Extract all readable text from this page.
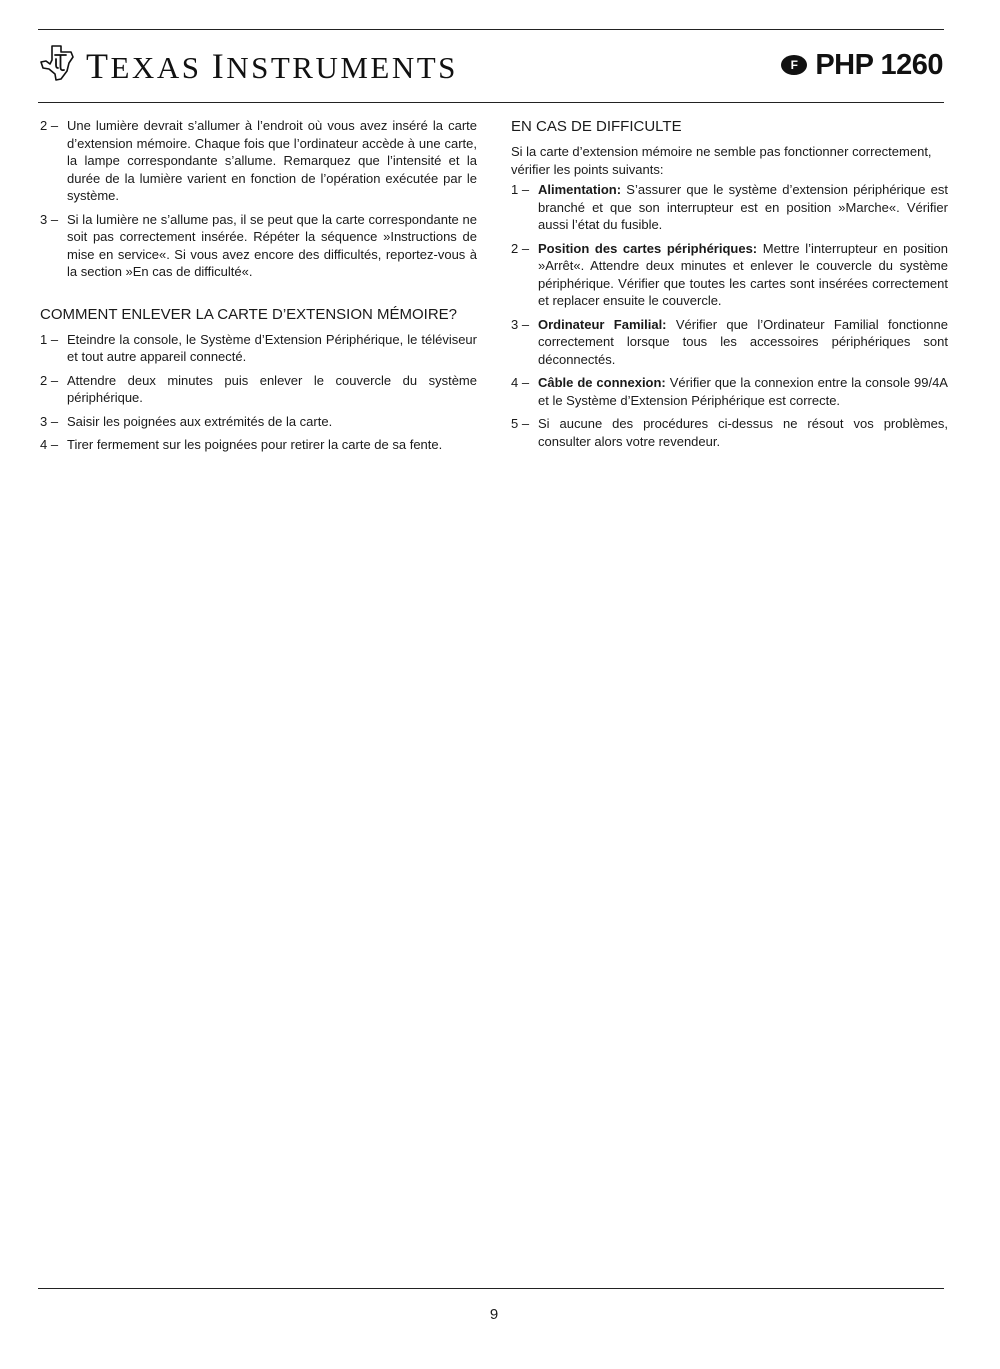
TEXAS INSTRUMENTS	F PHP 1260
2 – Une lumière devrait s’allumer à l’endroit où vous avez inséré la carte d’extension mémoire. Chaque fois que l’ordinateur accède à une carte, la lampe correspondante s’allume. Remarquez que l’intensité et la durée de la lumière varient en fonction de l’opération exécutée par le système.
3 – Si la lumière ne s’allume pas, il se peut que la carte correspondante ne soit pas correctement insérée. Répéter la séquence »Instructions de mise en service«. Si vous avez encore des difficultés, reportez-vous à la section »En cas de difficulté«.
COMMENT ENLEVER LA CARTE D’EXTENSION MÉMOIRE?
1 – Eteindre la console, le Système d’Extension Périphérique, le téléviseur et tout autre appareil connecté.
2 – Attendre deux minutes puis enlever le couvercle du système périphérique.
3 – Saisir les poignées aux extrémités de la carte.
4 – Tirer fermement sur les poignées pour retirer la carte de sa fente.
EN CAS DE DIFFICULTE

Si la carte d’extension mémoire ne semble pas fonctionner correctement, vérifier les points suivants:

1 – Alimentation: S’assurer que le système d’extension périphérique est branché et que son interrupteur est en position »Marche«. Vérifier aussi l’état du fusible.
2 – Position des cartes périphériques: Mettre l’interrupteur en position »Arrêt«. Attendre deux minutes et enlever le couvercle du système périphérique. Vérifier que toutes les cartes sont insérées correctement et replacer ensuite le couvercle.
3 – Ordinateur Familial: Vérifier que l’Ordinateur Familial fonctionne correctement lorsque tous les accessoires périphériques sont déconnectés.
4 – Câble de connexion: Vérifier que la connexion entre la console 99/4A et le Système d’Extension Périphérique est correcte.
5 – Si aucune des procédures ci-dessus ne résout vos problèmes, consulter alors votre revendeur.
9
